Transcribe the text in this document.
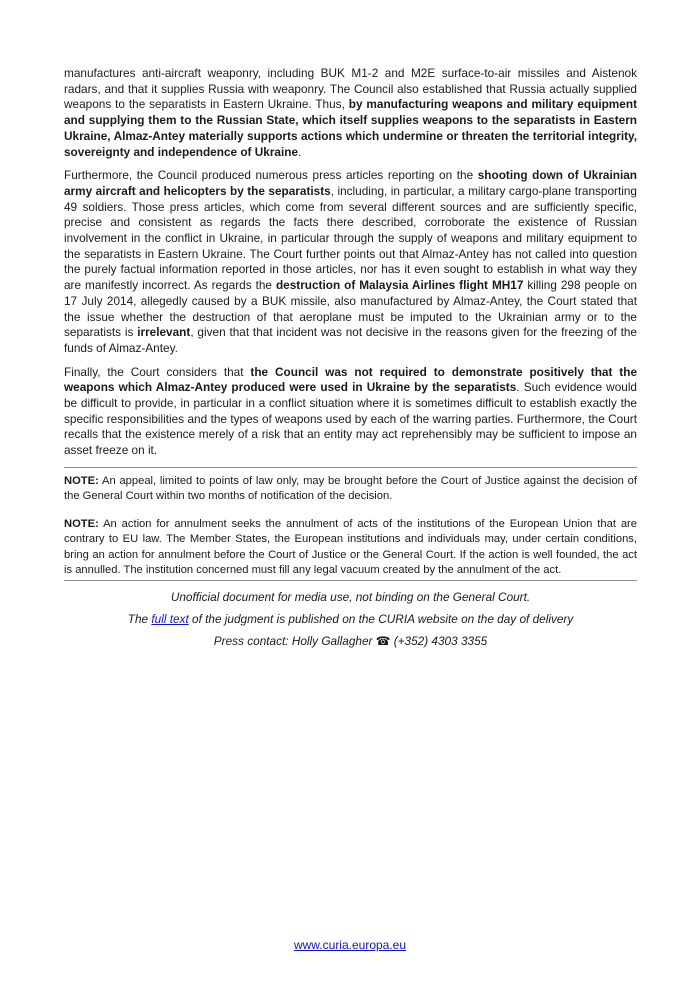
manufactures anti-aircraft weaponry, including BUK M1-2 and M2E surface-to-air missiles and Aistenok radars, and that it supplies Russia with weaponry. The Council also established that Russia actually supplied weapons to the separatists in Eastern Ukraine. Thus, by manufacturing weapons and military equipment and supplying them to the Russian State, which itself supplies weapons to the separatists in Eastern Ukraine, Almaz-Antey materially supports actions which undermine or threaten the territorial integrity, sovereignty and independence of Ukraine.

Furthermore, the Council produced numerous press articles reporting on the shooting down of Ukrainian army aircraft and helicopters by the separatists, including, in particular, a military cargo-plane transporting 49 soldiers. Those press articles, which come from several different sources and are sufficiently specific, precise and consistent as regards the facts there described, corroborate the existence of Russian involvement in the conflict in Ukraine, in particular through the supply of weapons and military equipment to the separatists in Eastern Ukraine. The Court further points out that Almaz-Antey has not called into question the purely factual information reported in those articles, nor has it even sought to establish in what way they are manifestly incorrect. As regards the destruction of Malaysia Airlines flight MH17 killing 298 people on 17 July 2014, allegedly caused by a BUK missile, also manufactured by Almaz-Antey, the Court stated that the issue whether the destruction of that aeroplane must be imputed to the Ukrainian army or to the separatists is irrelevant, given that that incident was not decisive in the reasons given for the freezing of the funds of Almaz-Antey.

Finally, the Court considers that the Council was not required to demonstrate positively that the weapons which Almaz-Antey produced were used in Ukraine by the separatists. Such evidence would be difficult to provide, in particular in a conflict situation where it is sometimes difficult to establish exactly the specific responsibilities and the types of weapons used by each of the warring parties. Furthermore, the Court recalls that the existence merely of a risk that an entity may act reprehensibly may be sufficient to impose an asset freeze on it.

NOTE: An appeal, limited to points of law only, may be brought before the Court of Justice against the decision of the General Court within two months of notification of the decision.

NOTE: An action for annulment seeks the annulment of acts of the institutions of the European Union that are contrary to EU law. The Member States, the European institutions and individuals may, under certain conditions, bring an action for annulment before the Court of Justice or the General Court. If the action is well founded, the act is annulled. The institution concerned must fill any legal vacuum created by the annulment of the act.

Unofficial document for media use, not binding on the General Court.

The full text of the judgment is published on the CURIA website on the day of delivery

Press contact: Holly Gallagher ☎ (+352) 4303 3355

www.curia.europa.eu
